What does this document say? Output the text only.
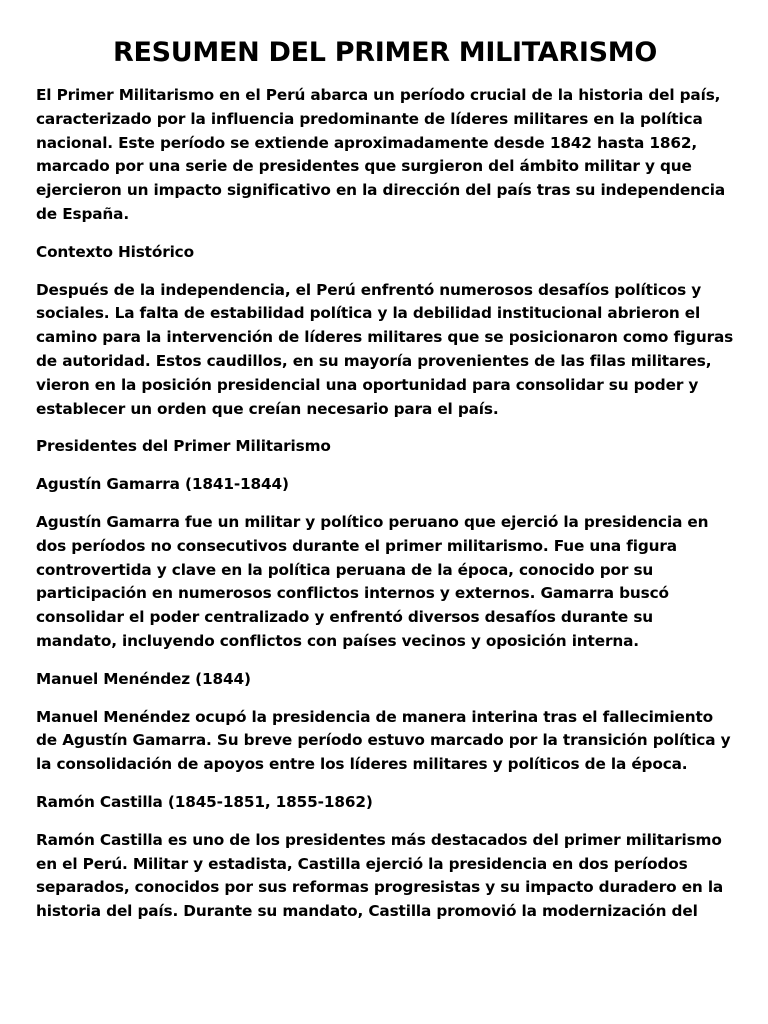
RESUMEN DEL PRIMER MILITARISMO

El Primer Militarismo en el Perú abarca un período crucial de la historia del país, caracterizado por la influencia predominante de líderes militares en la política nacional. Este período se extiende aproximadamente desde 1842 hasta 1862, marcado por una serie de presidentes que surgieron del ámbito militar y que ejercieron un impacto significativo en la dirección del país tras su independencia de España.

Contexto Histórico

Después de la independencia, el Perú enfrentó numerosos desafíos políticos y sociales. La falta de estabilidad política y la debilidad institucional abrieron el camino para la intervención de líderes militares que se posicionaron como figuras de autoridad. Estos caudillos, en su mayoría provenientes de las filas militares, vieron en la posición presidencial una oportunidad para consolidar su poder y establecer un orden que creían necesario para el país.

Presidentes del Primer Militarismo

Agustín Gamarra (1841-1844)

Agustín Gamarra fue un militar y político peruano que ejerció la presidencia en dos períodos no consecutivos durante el primer militarismo. Fue una figura controvertida y clave en la política peruana de la época, conocido por su participación en numerosos conflictos internos y externos. Gamarra buscó consolidar el poder centralizado y enfrentó diversos desafíos durante su mandato, incluyendo conflictos con países vecinos y oposición interna.

Manuel Menéndez (1844)

Manuel Menéndez ocupó la presidencia de manera interina tras el fallecimiento de Agustín Gamarra. Su breve período estuvo marcado por la transición política y la consolidación de apoyos entre los líderes militares y políticos de la época.

Ramón Castilla (1845-1851, 1855-1862)

Ramón Castilla es uno de los presidentes más destacados del primer militarismo en el Perú. Militar y estadista, Castilla ejerció la presidencia en dos períodos separados, conocidos por sus reformas progresistas y su impacto duradero en la historia del país. Durante su mandato, Castilla promovió la modernización del
